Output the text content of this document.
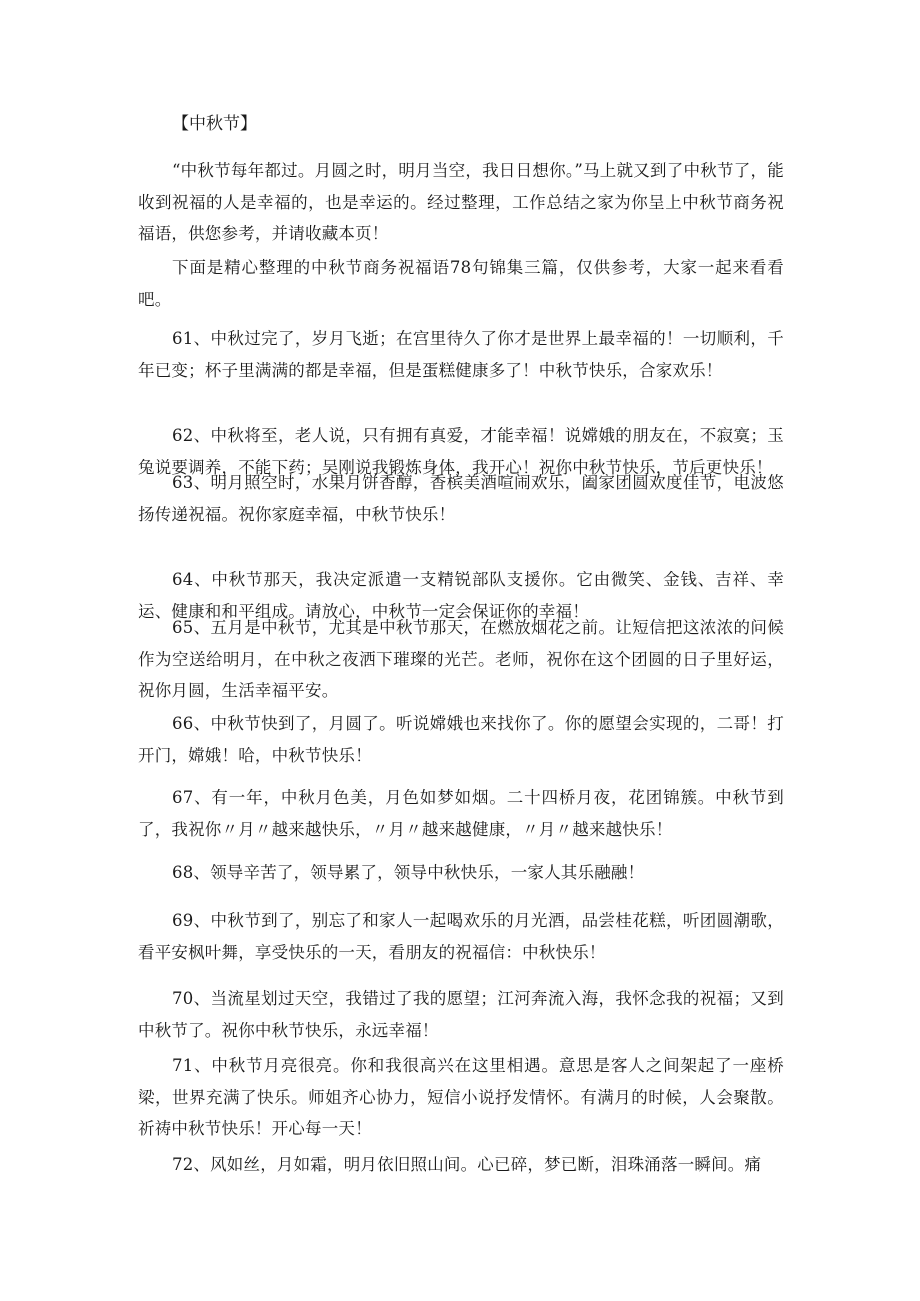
【中秋节】
“中秋节每年都过。月圆之时，明月当空，我日日想你。”马上就又到了中秋节了，能收到祝福的人是幸福的，也是幸运的。经过整理，工作总结之家为你呈上中秋节商务祝福语，供您参考，并请收藏本页！
下面是精心整理的中秋节商务祝福语78句锦集三篇，仅供参考，大家一起来看看吧。
61、中秋过完了，岁月飞逝；在宫里待久了你才是世界上最幸福的！一切顺利，千年已变；杯子里满满的都是幸福，但是蛋糕健康多了！中秋节快乐，合家欢乐！
62、中秋将至，老人说，只有拥有真爱，才能幸福！说嫦娥的朋友在，不寂寞；玉兔说要调养，不能下药；吴刚说我锻炼身体，我开心！祝你中秋节快乐，节后更快乐！
63、明月照空时，水果月饼香醇，香槟美酒喧闹欢乐，阖家团圆欢度佳节，电波悠扬传递祝福。祝你家庭幸福，中秋节快乐！
64、中秋节那天，我决定派遣一支精锐部队支援你。它由微笑、金钱、吉祥、幸运、健康和和平组成。请放心，中秋节一定会保证你的幸福！
65、五月是中秋节，尤其是中秋节那天，在燃放烟花之前。让短信把这浓浓的问候作为空送给明月，在中秋之夜洒下璀璨的光芒。老师，祝你在这个团圆的日子里好运，祝你月圆，生活幸福平安。
66、中秋节快到了，月圆了。听说嫦娥也来找你了。你的愿望会实现的，二哥！打开门，嫦娥！哈，中秋节快乐！
67、有一年，中秋月色美，月色如梦如烟。二十四桥月夜，花团锦簇。中秋节到了，我祝你〃月〃越来越快乐，〃月〃越来越健康，〃月〃越来越快乐！
68、领导辛苦了，领导累了，领导中秋快乐，一家人其乐融融！
69、中秋节到了，别忘了和家人一起喝欢乐的月光酒，品尝桂花糕，听团圆潮歌，看平安枫叶舞，享受快乐的一天，看朋友的祝福信：中秋快乐！
70、当流星划过天空，我错过了我的愿望；江河奔流入海，我怀念我的祝福；又到中秋节了。祝你中秋节快乐，永远幸福！
71、中秋节月亮很亮。你和我很高兴在这里相遇。意思是客人之间架起了一座桥梁，世界充满了快乐。师姐齐心协力，短信小说抒发情怀。有满月的时候，人会聚散。祈祷中秋节快乐！开心每一天！
72、风如丝，月如霜，明月依旧照山间。心已碎，梦已断，泪珠涌落一瞬间。痛
